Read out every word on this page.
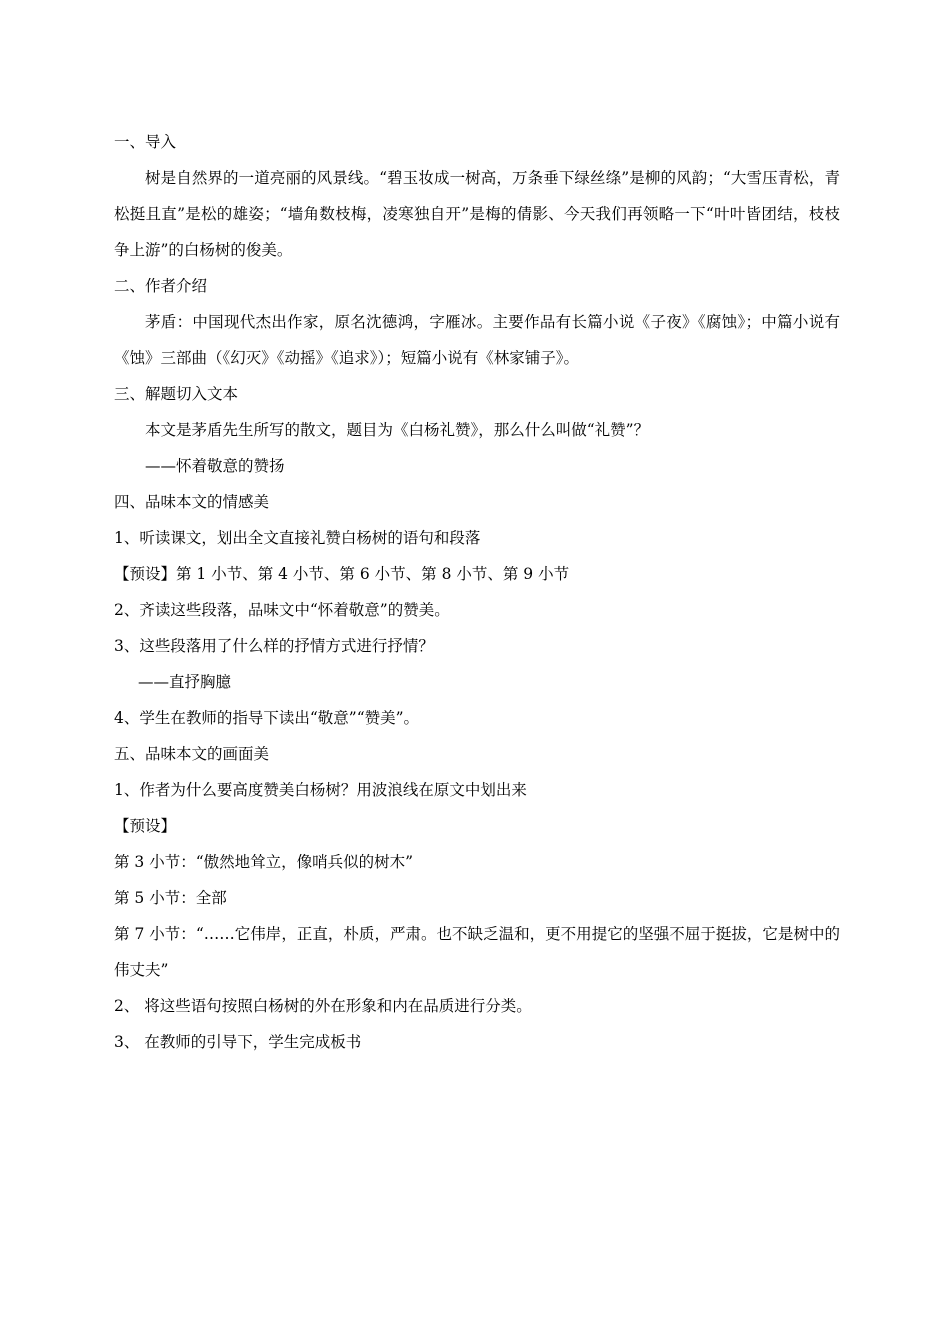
一、导入

树是自然界的一道亮丽的风景线。“碧玉妆成一树高，万条垂下绿丝绦”是柳的风韵；“大雪压青松，青松挺且直”是松的雄姿；“墙角数枝梅，凌寒独自开”是梅的倩影、今天我们再领略一下“叶叶皆团结，枝枝争上游”的白杨树的俊美。

二、作者介绍

茅盾：中国现代杰出作家，原名沈德鸿，字雁冰。主要作品有长篇小说《子夜》《腐蚀》；中篇小说有《蚀》三部曲（《幻灭》《动摇》《追求》）；短篇小说有《林家铺子》。

三、解题切入文本
本文是茅盾先生所写的散文，题目为《白杨礼赞》，那么什么叫做“礼赞”？
——怀着敬意的赞扬
四、品味本文的情感美
1、听读课文，划出全文直接礼赞白杨树的语句和段落
【预设】第 1 小节、第 4 小节、第 6 小节、第 8 小节、第 9 小节
2、齐读这些段落，品味文中“怀着敬意”的赞美。
3、这些段落用了什么样的抒情方式进行抒情？
——直抒胸臆
4、学生在教师的指导下读出“敬意”“赞美”。
五、品味本文的画面美
1、作者为什么要高度赞美白杨树？用波浪线在原文中划出来
【预设】
第 3 小节：“傲然地耸立，像哨兵似的树木”
第 5 小节：全部

第 7 小节：“……它伟岸，正直，朴质，严肃。也不缺乏温和，更不用提它的坚强不屈于挺拔，它是树中的伟丈夫”

2、 将这些语句按照白杨树的外在形象和内在品质进行分类。
3、 在教师的引导下，学生完成板书
